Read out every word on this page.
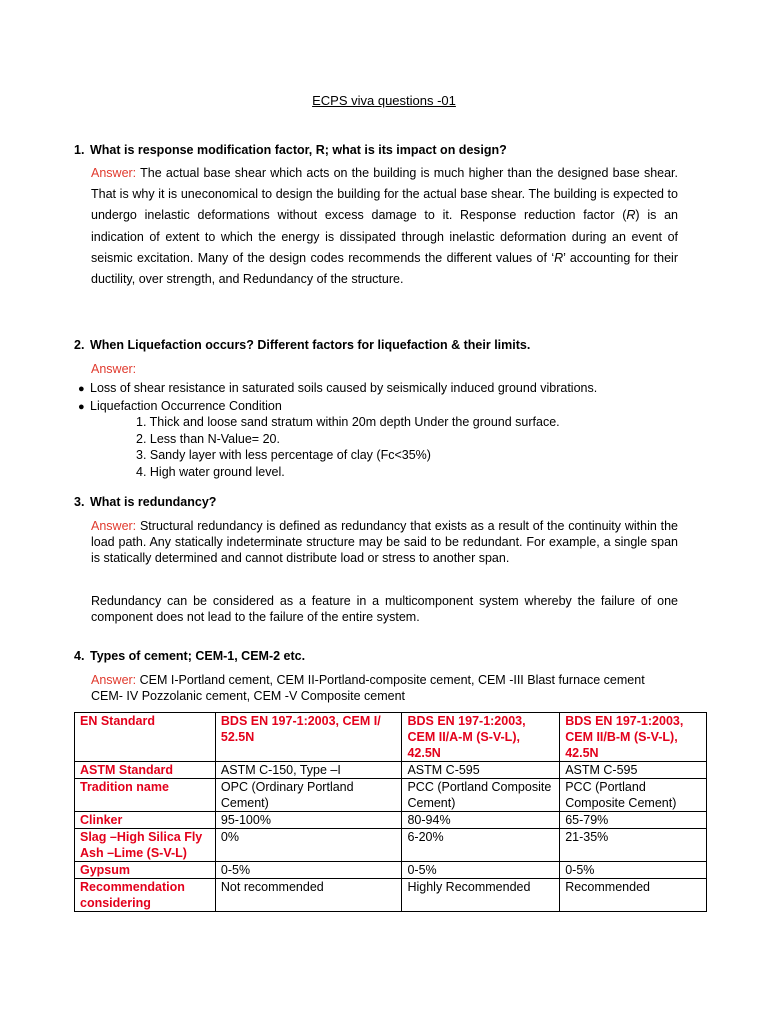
ECPS viva questions -01
1. What is response modification factor, R; what is its impact on design?
Answer: The actual base shear which acts on the building is much higher than the designed base shear. That is why it is uneconomical to design the building for the actual base shear. The building is expected to undergo inelastic deformations without excess damage to it. Response reduction factor (R) is an indication of extent to which the energy is dissipated through inelastic deformation during an event of seismic excitation. Many of the design codes recommends the different values of ‘R’ accounting for their ductility, over strength, and Redundancy of the structure.
2. When Liquefaction occurs? Different factors for liquefaction & their limits.
Answer:
● Loss of shear resistance in saturated soils caused by seismically induced ground vibrations.
● Liquefaction Occurrence Condition
1. Thick and loose sand stratum within 20m depth Under the ground surface.
2. Less than N-Value= 20.
3. Sandy layer with less percentage of clay (Fc<35%)
4. High water ground level.
3. What is redundancy?
Answer: Structural redundancy is defined as redundancy that exists as a result of the continuity within the load path. Any statically indeterminate structure may be said to be redundant. For example, a single span is statically determined and cannot distribute load or stress to another span.
Redundancy can be considered as a feature in a multicomponent system whereby the failure of one component does not lead to the failure of the entire system.
4. Types of cement; CEM-1, CEM-2 etc.
Answer: CEM I-Portland cement, CEM II-Portland-composite cement, CEM -III Blast furnace cement CEM- IV Pozzolanic cement, CEM -V Composite cement
EN Standard	BDS EN 197-1:2003, CEM I/ 52.5N	BDS EN 197-1:2003, CEM II/A-M (S-V-L), 42.5N	BDS EN 197-1:2003, CEM II/B-M (S-V-L), 42.5N
ASTM Standard	ASTM C-150, Type –I	ASTM C-595	ASTM C-595
Tradition name	OPC (Ordinary Portland Cement)	PCC (Portland Composite Cement)	PCC (Portland Composite Cement)
Clinker	95-100%	80-94%	65-79%
Slag –High Silica Fly Ash –Lime (S-V-L)	0%	6-20%	21-35%
Gypsum	0-5%	0-5%	0-5%
Recommendation considering	Not recommended	Highly Recommended	Recommended
